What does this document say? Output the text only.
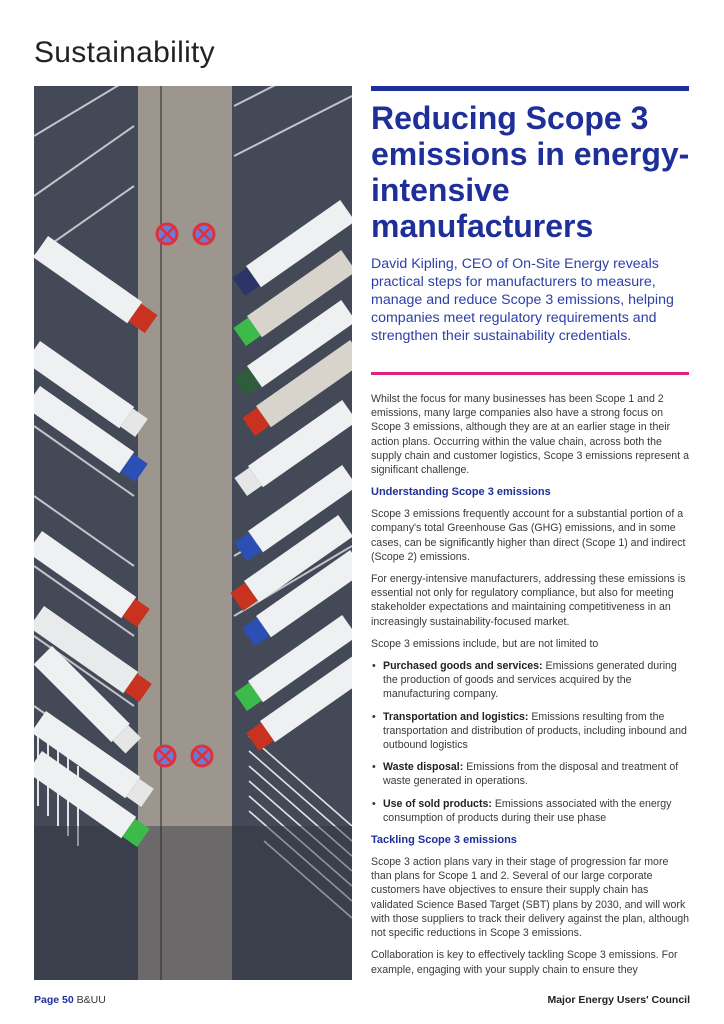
Sustainability
Reducing Scope 3 emissions in energy-intensive manufacturers

David Kipling, CEO of On-Site Energy reveals practical steps for manufacturers to measure, manage and reduce Scope 3 emissions, helping companies meet regulatory requirements and strengthen their sustainability credentials.

Whilst the focus for many businesses has been Scope 1 and 2 emissions, many large companies also have a strong focus on Scope 3 emissions, although they are at an earlier stage in their action plans. Occurring within the value chain, across both the supply chain and customer logistics, Scope 3 emissions represent a significant challenge.

Understanding Scope 3 emissions

Scope 3 emissions frequently account for a substantial portion of a company's total Greenhouse Gas (GHG) emissions, and in some cases, can be significantly higher than direct (Scope 1) and indirect (Scope 2) emissions.

For energy-intensive manufacturers, addressing these emissions is essential not only for regulatory compliance, but also for meeting stakeholder expectations and maintaining competitiveness in an increasingly sustainability-focused market.

Scope 3 emissions include, but are not limited to

• Purchased goods and services: Emissions generated during the production of goods and services acquired by the manufacturing company.
• Transportation and logistics: Emissions resulting from the transportation and distribution of products, including inbound and outbound logistics
• Waste disposal: Emissions from the disposal and treatment of waste generated in operations.
• Use of sold products: Emissions associated with the energy consumption of products during their use phase
Tackling Scope 3 emissions

Scope 3 action plans vary in their stage of progression far more than plans for Scope 1 and 2. Several of our large corporate customers have objectives to ensure their supply chain has validated Science Based Target (SBT) plans by 2030, and will work with those suppliers to track their delivery against the plan, although not specific reductions in Scope 3 emissions.

Collaboration is key to effectively tackling Scope 3 emissions. For example, engaging with your supply chain to ensure they

Page 50 B&UU	Major Energy Users' Council
